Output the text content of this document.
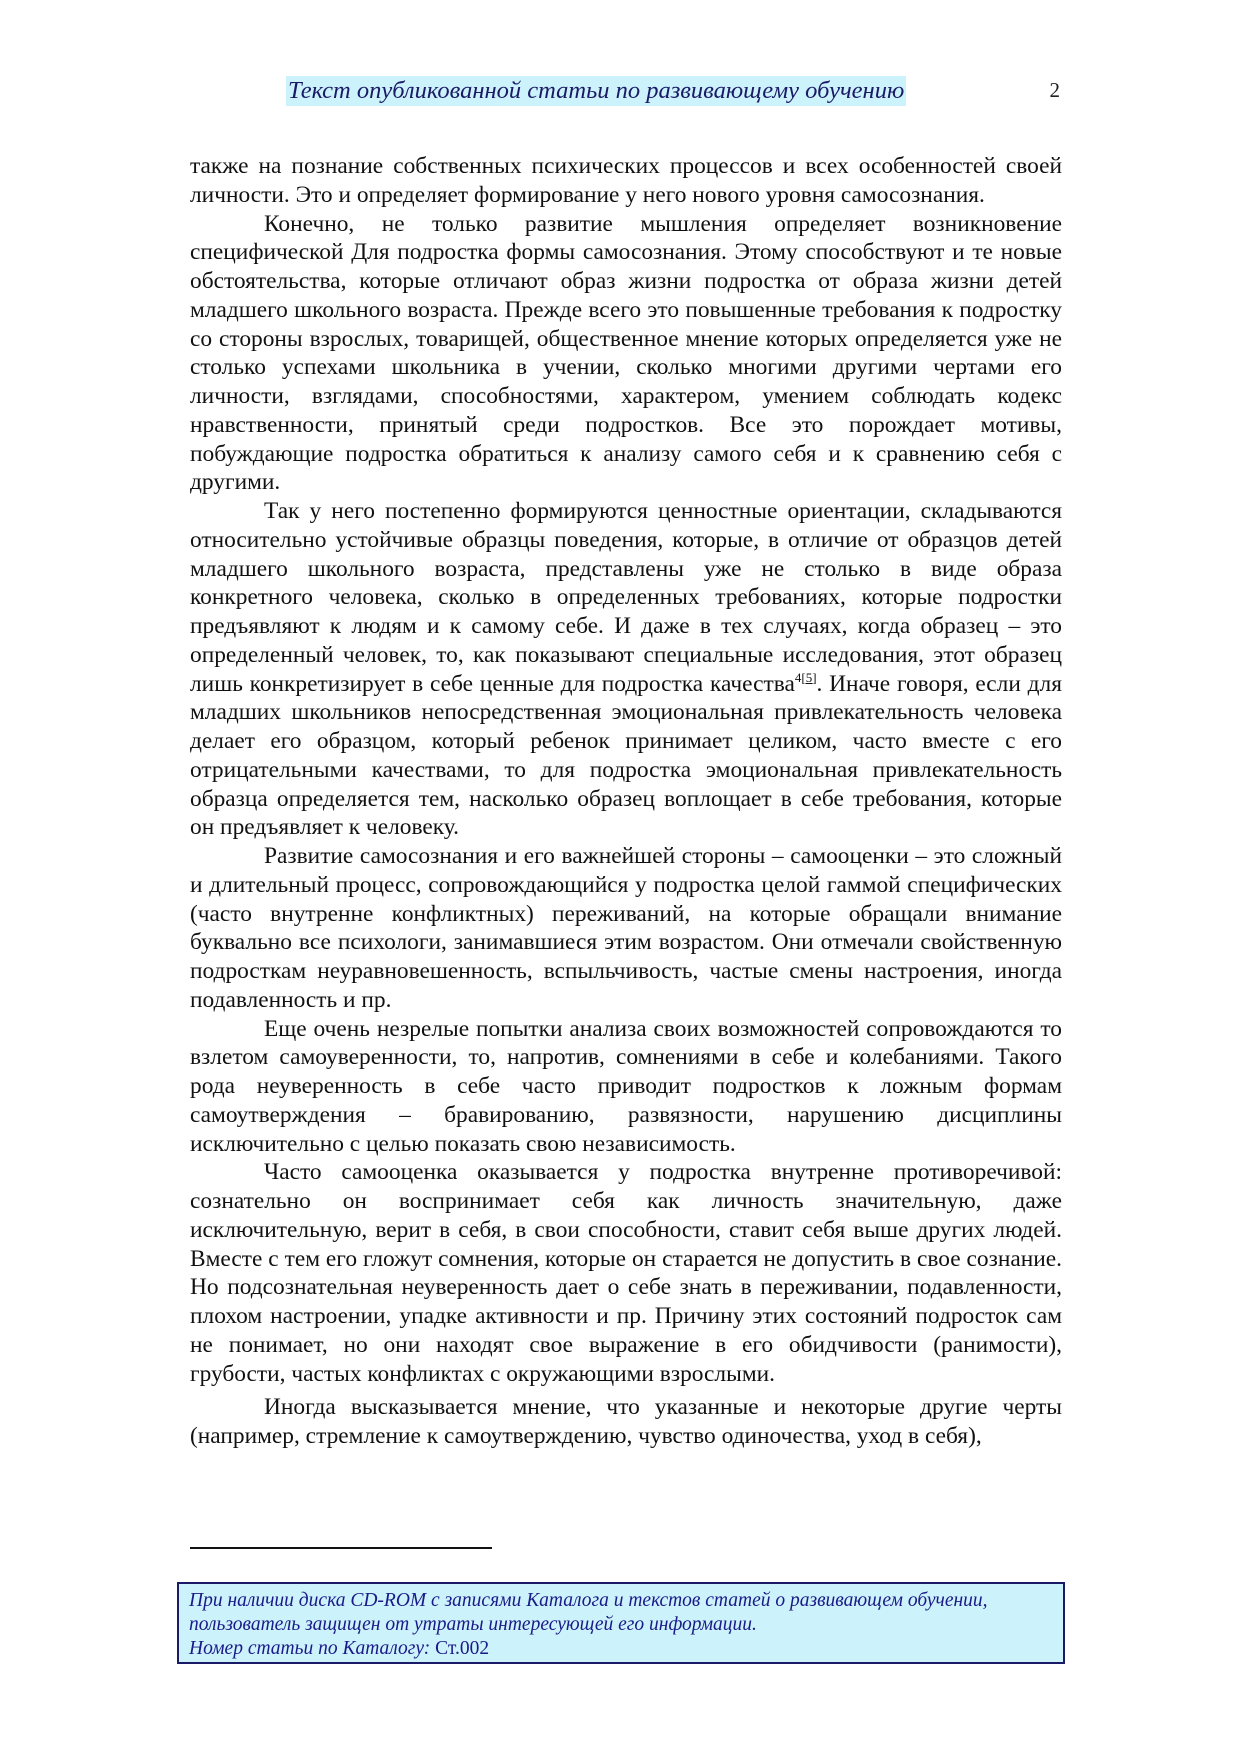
Текст опубликованной статьи по развивающему обучению	2

также на познание собственных психических процессов и всех особенностей своей личности. Это и определяет формирование у него нового уровня самосознания.

Конечно, не только развитие мышления определяет возникновение специфической Для подростка формы самосознания. Этому способствуют и те новые обстоятельства, которые отличают образ жизни подростка от образа жизни детей младшего школьного возраста. Прежде всего это повышенные требования к подростку со стороны взрослых, товарищей, общественное мнение которых определяется уже не столько успехами школьника в учении, сколько многими другими чертами его личности, взглядами, способностями, характером, умением соблюдать кодекс нравственности, принятый среди подростков. Все это порождает мотивы, побуждающие подростка обратиться к анализу самого себя и к сравнению себя с другими.

Так у него постепенно формируются ценностные ориентации, складываются относительно устойчивые образцы поведения, которые, в отличие от образцов детей младшего школьного возраста, представлены уже не столько в виде образа конкретного человека, сколько в определенных требованиях, которые подростки предъявляют к людям и к самому себе. И даже в тех случаях, когда образец – это определенный человек, то, как показывают специальные исследования, этот образец лишь конкретизирует в себе ценные для подростка качества$^{4[5]}$. Иначе говоря, если для младших школьников непосредственная эмоциональная привлекательность человека делает его образцом, который ребенок принимает целиком, часто вместе с его отрицательными качествами, то для подростка эмоциональная привлекательность образца определяется тем, насколько образец воплощает в себе требования, которые он предъявляет к человеку.

Развитие самосознания и его важнейшей стороны – самооценки – это сложный и длительный процесс, сопровождающийся у подростка целой гаммой специфических (часто внутренне конфликтных) переживаний, на которые обращали внимание буквально все психологи, занимавшиеся этим возрастом. Они отмечали свойственную подросткам неуравновешенность, вспыльчивость, частые смены настроения, иногда подавленность и пр.

Еще очень незрелые попытки анализа своих возможностей сопровождаются то взлетом самоуверенности, то, напротив, сомнениями в себе и колебаниями. Такого рода неуверенность в себе часто приводит подростков к ложным формам самоутверждения – бравированию, развязности, нарушению дисциплины исключительно с целью показать свою независимость.

Часто самооценка оказывается у подростка внутренне противоречивой: сознательно он воспринимает себя как личность значительную, даже исключительную, верит в себя, в свои способности, ставит себя выше других людей. Вместе с тем его гложут сомнения, которые он старается не допустить в свое сознание. Но подсознательная неуверенность дает о себе знать в переживании, подавленности, плохом настроении, упадке активности и пр. Причину этих состояний подросток сам не понимает, но они находят свое выражение в его обидчивости (ранимости), грубости, частых конфликтах с окружающими взрослыми.

Иногда высказывается мнение, что указанные и некоторые другие черты (например, стремление к самоутверждению, чувство одиночества, уход в себя),

При наличии диска CD-ROM с записями Каталога и текстов статей о развивающем обучении,
пользователь защищен от утраты интересующей его информации.
Номер статьи по Каталогу: Ст.002
